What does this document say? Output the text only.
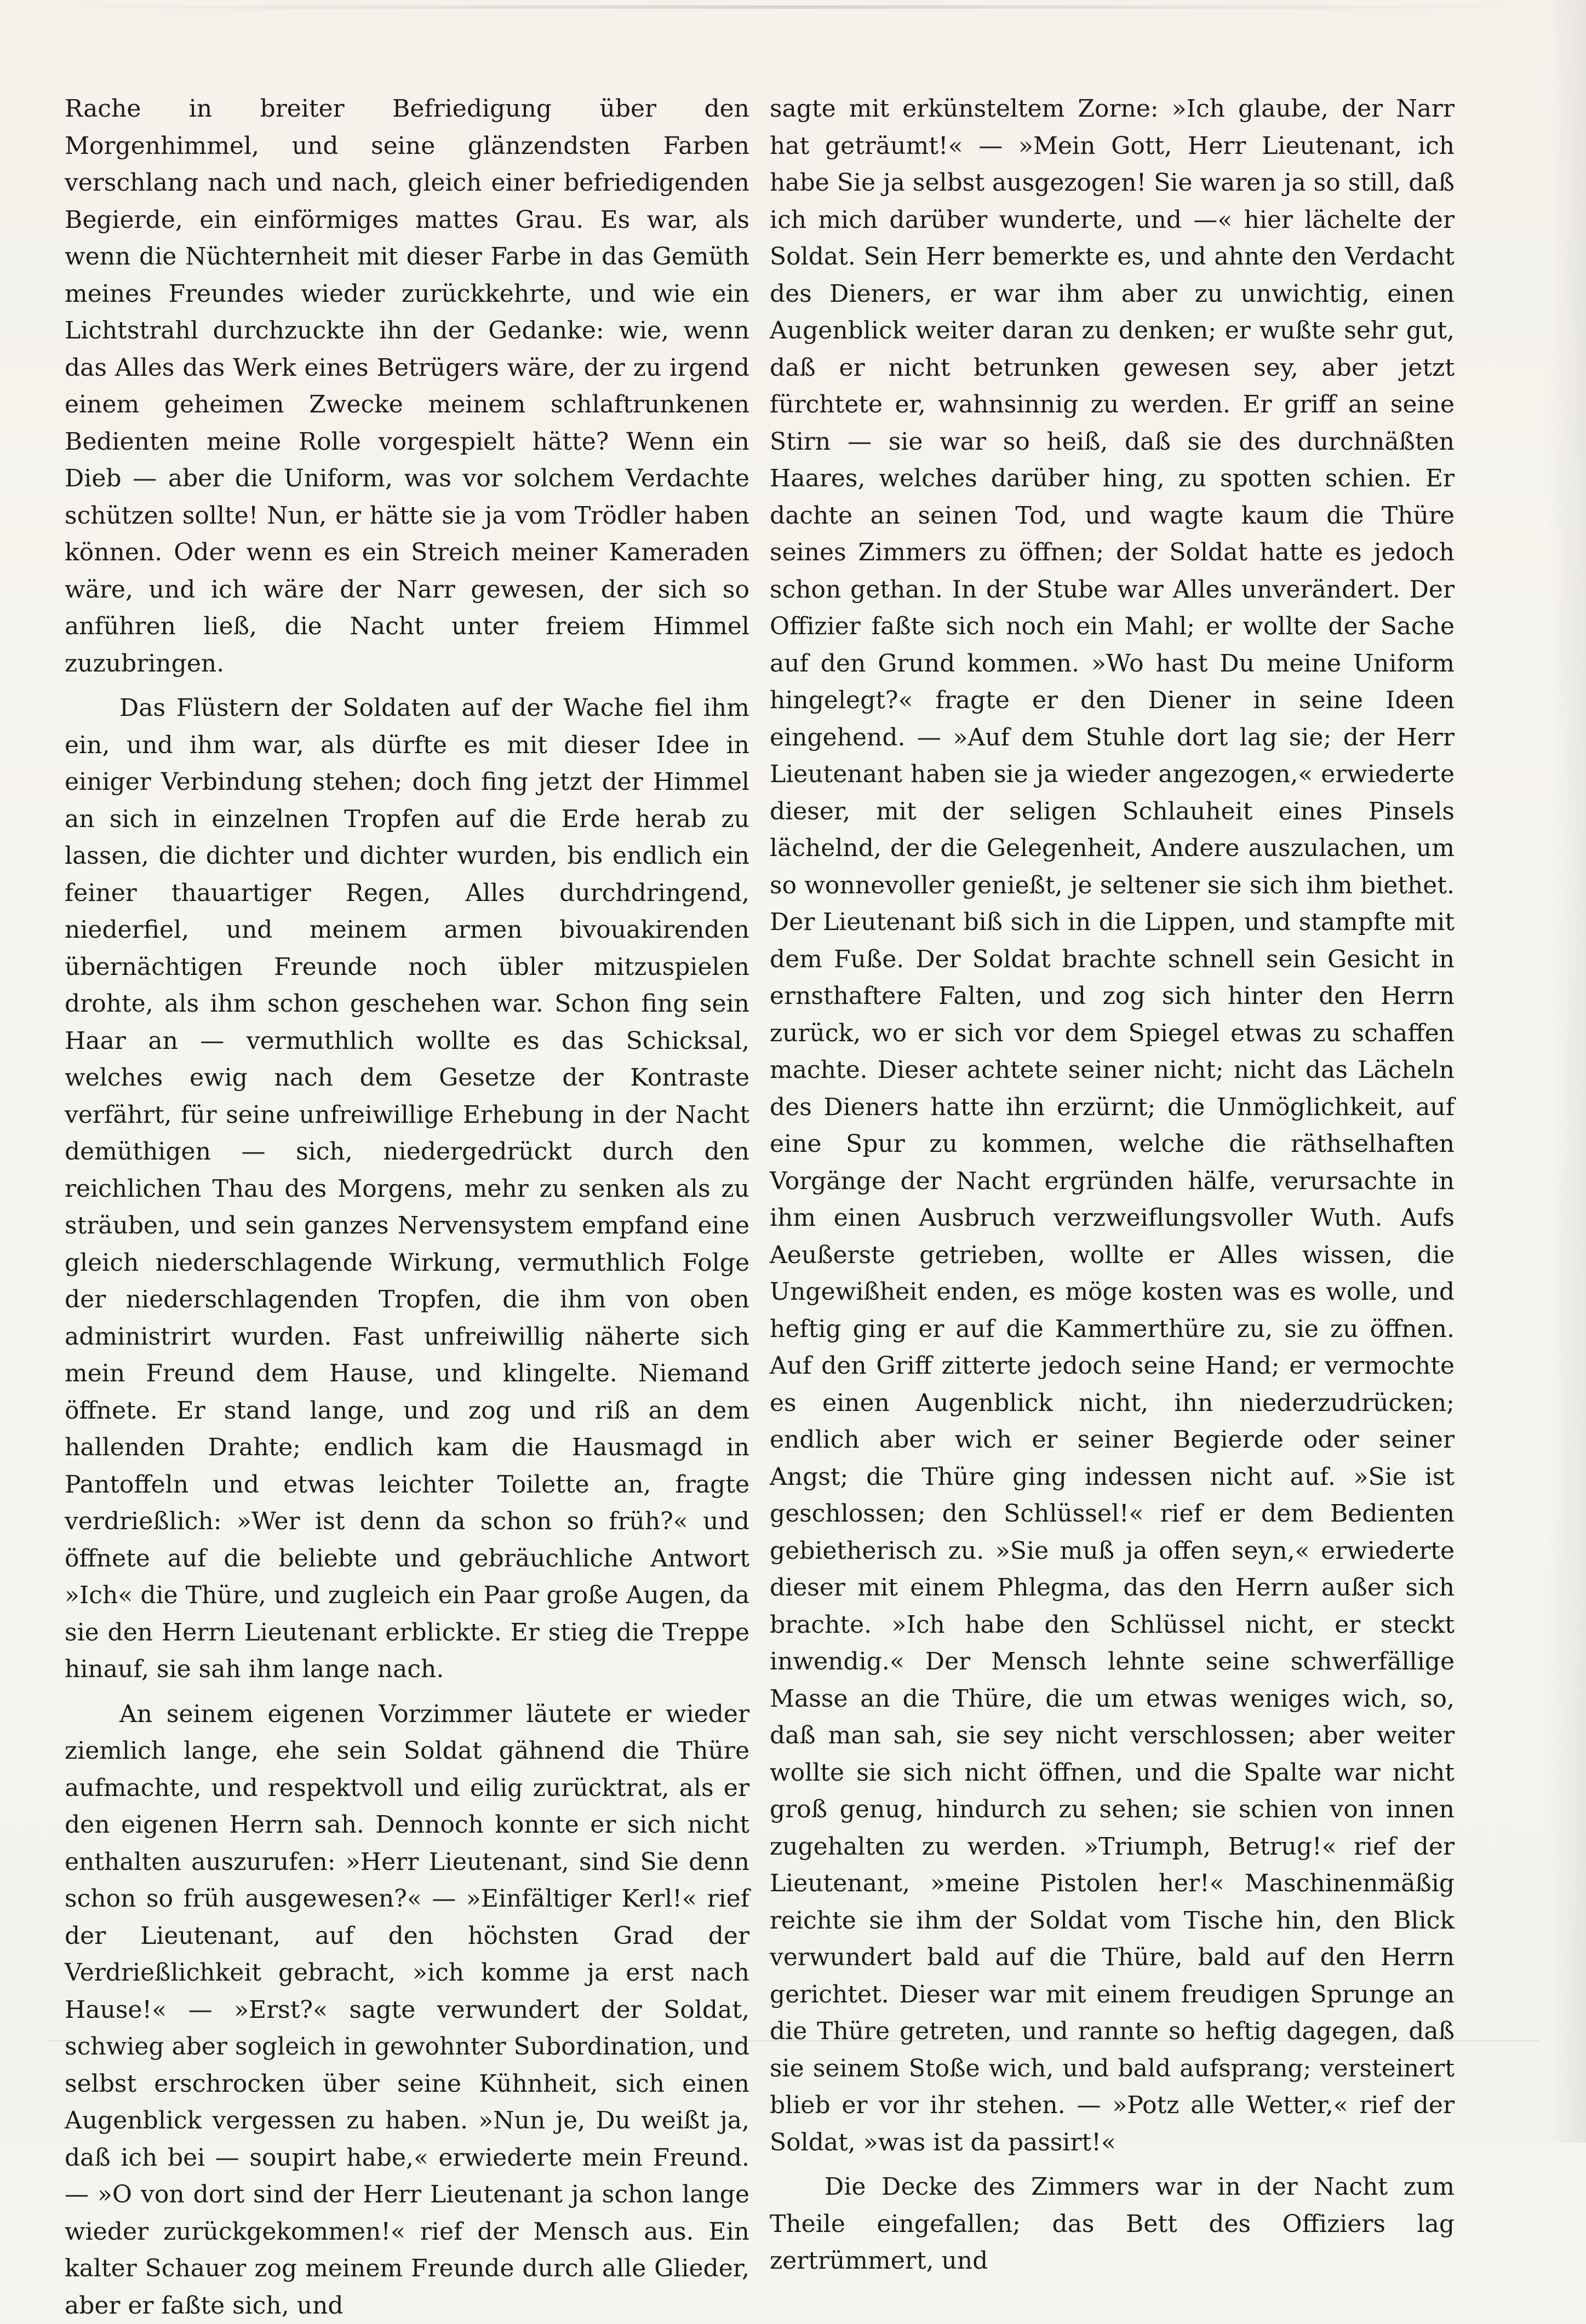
Rache in breiter Befriedigung über den Morgenhimmel, und seine glänzendsten Farben verschlang nach und nach, gleich einer befriedigenden Begierde, ein einförmiges mattes Grau. Es war, als wenn die Nüchternheit mit dieser Farbe in das Gemüth meines Freundes wieder zurückkehrte, und wie ein Lichtstrahl durchzuckte ihn der Gedanke: wie, wenn das Alles das Werk eines Betrügers wäre, der zu irgend einem geheimen Zwecke meinem schlaftrunkenen Bedienten meine Rolle vorgespielt hätte? Wenn ein Dieb — aber die Uniform, was vor solchem Verdachte schützen sollte! Nun, er hätte sie ja vom Trödler haben können. Oder wenn es ein Streich meiner Kameraden wäre, und ich wäre der Narr gewesen, der sich so anführen ließ, die Nacht unter freiem Himmel zuzubringen.

Das Flüstern der Soldaten auf der Wache fiel ihm ein, und ihm war, als dürfte es mit dieser Idee in einiger Verbindung stehen; doch fing jetzt der Himmel an sich in einzelnen Tropfen auf die Erde herab zu lassen, die dichter und dichter wurden, bis endlich ein feiner thauartiger Regen, Alles durchdringend, niederfiel, und meinem armen bivouakirenden übernächtigen Freunde noch übler mitzuspielen drohte, als ihm schon geschehen war. Schon fing sein Haar an — vermuthlich wollte es das Schicksal, welches ewig nach dem Gesetze der Kontraste verfährt, für seine unfreiwillige Erhebung in der Nacht demüthigen — sich, niedergedrückt durch den reichlichen Thau des Morgens, mehr zu senken als zu sträuben, und sein ganzes Nervensystem empfand eine gleich niederschlagende Wirkung, vermuthlich Folge der niederschlagenden Tropfen, die ihm von oben administrirt wurden. Fast unfreiwillig näherte sich mein Freund dem Hause, und klingelte. Niemand öffnete. Er stand lange, und zog und riß an dem hallenden Drahte; endlich kam die Hausmagd in Pantoffeln und etwas leichter Toilette an, fragte verdrießlich: »Wer ist denn da schon so früh?« und öffnete auf die beliebte und gebräuchliche Antwort »Ich« die Thüre, und zugleich ein Paar große Augen, da sie den Herrn Lieutenant erblickte. Er stieg die Treppe hinauf, sie sah ihm lange nach.

An seinem eigenen Vorzimmer läutete er wieder ziemlich lange, ehe sein Soldat gähnend die Thüre aufmachte, und respektvoll und eilig zurücktrat, als er den eigenen Herrn sah. Dennoch konnte er sich nicht enthalten auszurufen: »Herr Lieutenant, sind Sie denn schon so früh ausgewesen?« — »Einfältiger Kerl!« rief der Lieutenant, auf den höchsten Grad der Verdrießlichkeit gebracht, »ich komme ja erst nach Hause!« — »Erst?« sagte verwundert der Soldat, schwieg aber sogleich in gewohnter Subordination, und selbst erschrocken über seine Kühnheit, sich einen Augenblick vergessen zu haben. »Nun je, Du weißt ja, daß ich bei — soupirt habe,« erwiederte mein Freund. — »O von dort sind der Herr Lieutenant ja schon lange wieder zurückgekommen!« rief der Mensch aus. Ein kalter Schauer zog meinem Freunde durch alle Glieder, aber er faßte sich, und

sagte mit erkünsteltem Zorne: »Ich glaube, der Narr hat geträumt!« — »Mein Gott, Herr Lieutenant, ich habe Sie ja selbst ausgezogen! Sie waren ja so still, daß ich mich darüber wunderte, und —« hier lächelte der Soldat. Sein Herr bemerkte es, und ahnte den Verdacht des Dieners, er war ihm aber zu unwichtig, einen Augenblick weiter daran zu denken; er wußte sehr gut, daß er nicht betrunken gewesen sey, aber jetzt fürchtete er, wahnsinnig zu werden. Er griff an seine Stirn — sie war so heiß, daß sie des durchnäßten Haares, welches darüber hing, zu spotten schien. Er dachte an seinen Tod, und wagte kaum die Thüre seines Zimmers zu öffnen; der Soldat hatte es jedoch schon gethan. In der Stube war Alles unverändert. Der Offizier faßte sich noch ein Mahl; er wollte der Sache auf den Grund kommen. »Wo hast Du meine Uniform hingelegt?« fragte er den Diener in seine Ideen eingehend. — »Auf dem Stuhle dort lag sie; der Herr Lieutenant haben sie ja wieder angezogen,« erwiederte dieser, mit der seligen Schlauheit eines Pinsels lächelnd, der die Gelegenheit, Andere auszulachen, um so wonnevoller genießt, je seltener sie sich ihm biethet. Der Lieutenant biß sich in die Lippen, und stampfte mit dem Fuße. Der Soldat brachte schnell sein Gesicht in ernsthaftere Falten, und zog sich hinter den Herrn zurück, wo er sich vor dem Spiegel etwas zu schaffen machte. Dieser achtete seiner nicht; nicht das Lächeln des Dieners hatte ihn erzürnt; die Unmöglichkeit, auf eine Spur zu kommen, welche die räthselhaften Vorgänge der Nacht ergründen hälfe, verursachte in ihm einen Ausbruch verzweiflungsvoller Wuth. Aufs Aeußerste getrieben, wollte er Alles wissen, die Ungewißheit enden, es möge kosten was es wolle, und heftig ging er auf die Kammerthüre zu, sie zu öffnen. Auf den Griff zitterte jedoch seine Hand; er vermochte es einen Augenblick nicht, ihn niederzudrücken; endlich aber wich er seiner Begierde oder seiner Angst; die Thüre ging indessen nicht auf. »Sie ist geschlossen; den Schlüssel!« rief er dem Bedienten gebietherisch zu. »Sie muß ja offen seyn,« erwiederte dieser mit einem Phlegma, das den Herrn außer sich brachte. »Ich habe den Schlüssel nicht, er steckt inwendig.« Der Mensch lehnte seine schwerfällige Masse an die Thüre, die um etwas weniges wich, so, daß man sah, sie sey nicht verschlossen; aber weiter wollte sie sich nicht öffnen, und die Spalte war nicht groß genug, hindurch zu sehen; sie schien von innen zugehalten zu werden. »Triumph, Betrug!« rief der Lieutenant, »meine Pistolen her!« Maschinenmäßig reichte sie ihm der Soldat vom Tische hin, den Blick verwundert bald auf die Thüre, bald auf den Herrn gerichtet. Dieser war mit einem freudigen Sprunge an die Thüre getreten, und rannte so heftig dagegen, daß sie seinem Stoße wich, und bald aufsprang; versteinert blieb er vor ihr stehen. — »Potz alle Wetter,« rief der Soldat, »was ist da passirt!«

Die Decke des Zimmers war in der Nacht zum Theile eingefallen; das Bett des Offiziers lag zertrümmert, und
